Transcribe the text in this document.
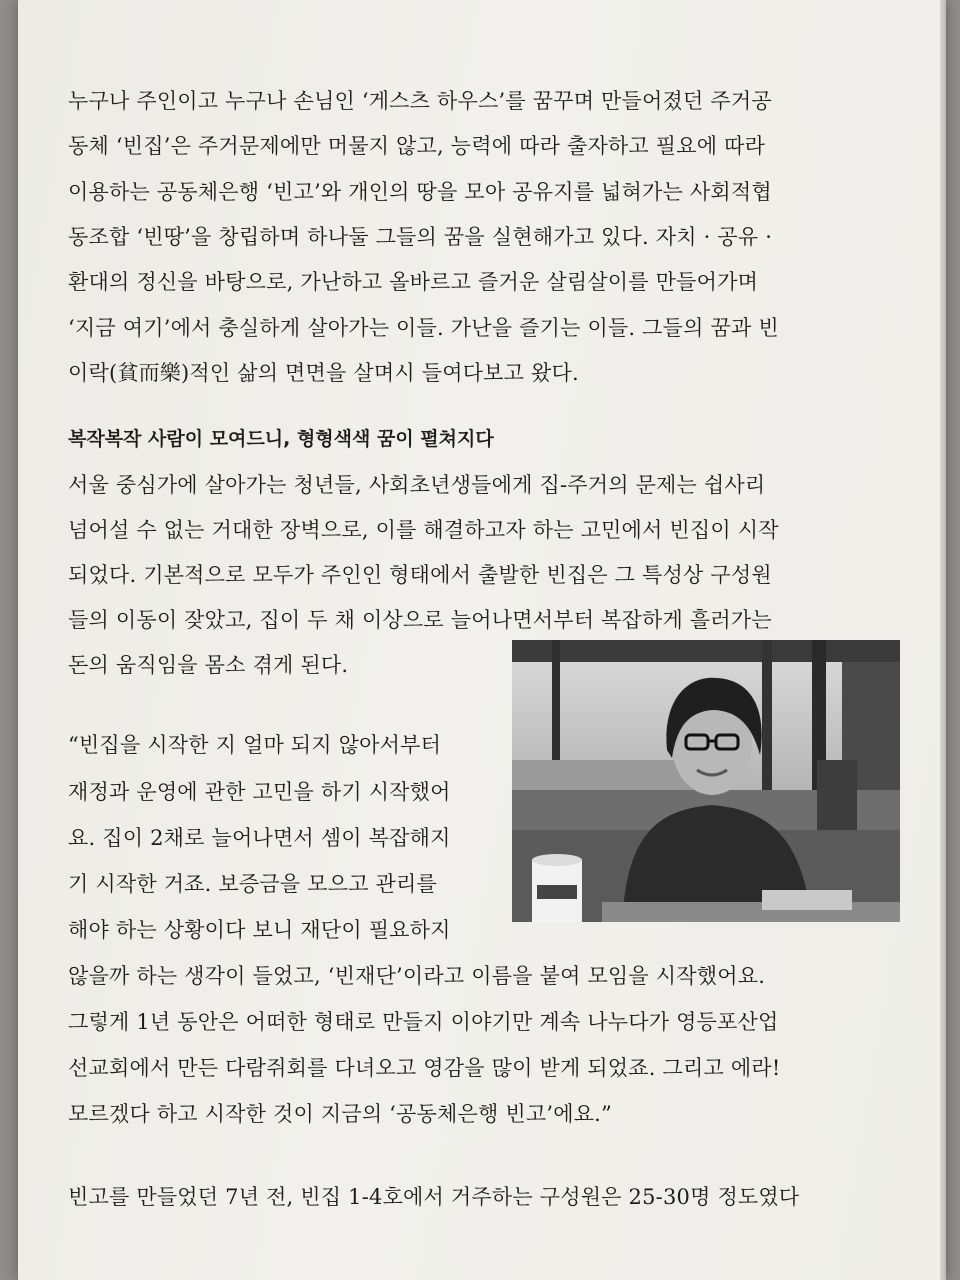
누구나 주인이고 누구나 손님인 ‘게스츠 하우스’를 꿈꾸며 만들어졌던 주거공
동체 ‘빈집’은 주거문제에만 머물지 않고, 능력에 따라 출자하고 필요에 따라
이용하는 공동체은행 ‘빈고’와 개인의 땅을 모아 공유지를 넓혀가는 사회적협
동조합 ‘빈땅’을 창립하며 하나둘 그들의 꿈을 실현해가고 있다. 자치 · 공유 ·
환대의 정신을 바탕으로, 가난하고 올바르고 즐거운 살림살이를 만들어가며
‘지금 여기’에서 충실하게 살아가는 이들. 가난을 즐기는 이들. 그들의 꿈과 빈
이락(貧而樂)적인 삶의 면면을 살며시 들여다보고 왔다.
복작복작 사람이 모여드니, 형형색색 꿈이 펼쳐지다
서울 중심가에 살아가는 청년들, 사회초년생들에게 집-주거의 문제는 쉽사리
넘어설 수 없는 거대한 장벽으로, 이를 해결하고자 하는 고민에서 빈집이 시작
되었다. 기본적으로 모두가 주인인 형태에서 출발한 빈집은 그 특성상 구성원
들의 이동이 잦았고, 집이 두 채 이상으로 늘어나면서부터 복잡하게 흘러가는
돈의 움직임을 몸소 겪게 된다.
“빈집을 시작한 지 얼마 되지 않아서부터
재정과 운영에 관한 고민을 하기 시작했어
요. 집이 2채로 늘어나면서 셈이 복잡해지
기 시작한 거죠. 보증금을 모으고 관리를
해야 하는 상황이다 보니 재단이 필요하지
않을까 하는 생각이 들었고, ‘빈재단’이라고 이름을 붙여 모임을 시작했어요.
그렇게 1년 동안은 어떠한 형태로 만들지 이야기만 계속 나누다가 영등포산업
선교회에서 만든 다람쥐회를 다녀오고 영감을 많이 받게 되었죠. 그리고 에라!
모르겠다 하고 시작한 것이 지금의 ‘공동체은행 빈고’에요.”
빈고를 만들었던 7년 전, 빈집 1-4호에서 거주하는 구성원은 25-30명 정도였다
